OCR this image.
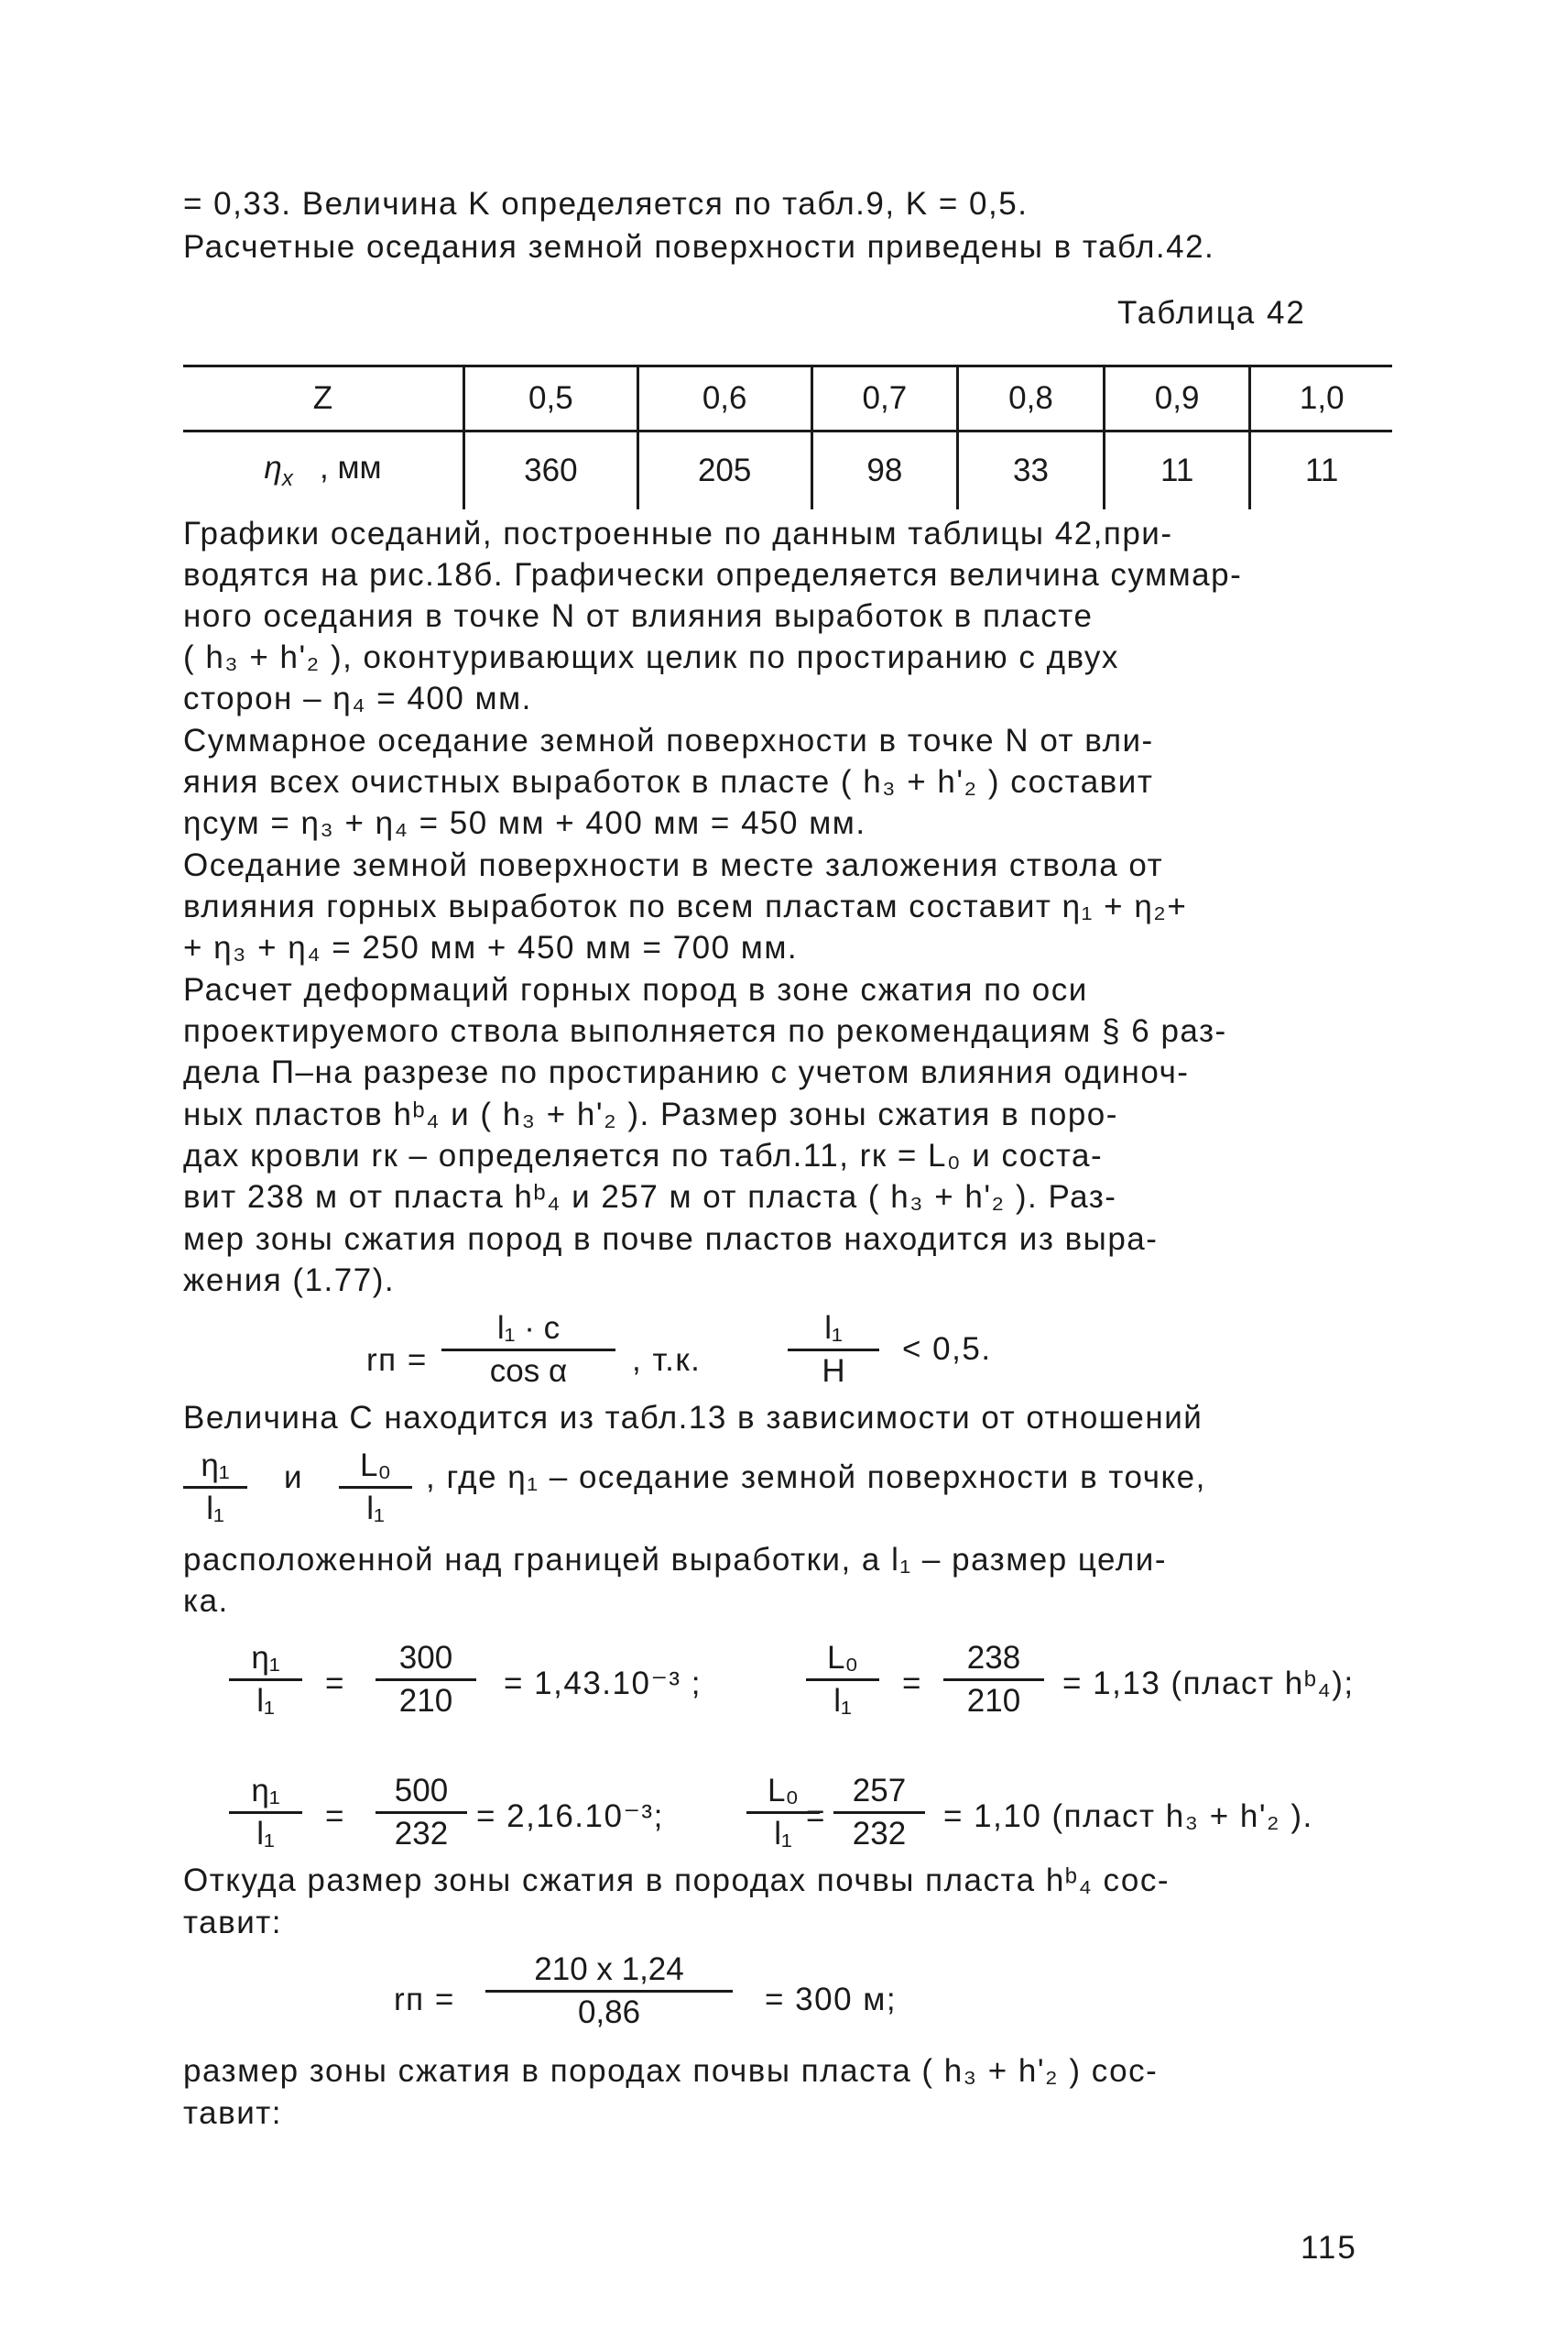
= 0,33. Величина K определяется по табл.9, K = 0,5.
Расчетные оседания земной поверхности приведены в табл.42.
Таблица 42
Z	0,5	0,6	0,7	0,8	0,9	1,0
$\eta_x$ , мм	360	205	98	33	11	11
Графики оседаний, построенные по данным таблицы 42,при-
водятся на рис.18б. Графически определяется величина суммар-
ного оседания в точке N от влияния выработок в пласте
( h₃ + h'₂ ), оконтуривающих целик по простиранию с двух
сторон – η₄ = 400 мм.
Суммарное оседание земной поверхности в точке N от вли-
яния всех очистных выработок в пласте ( h₃ + h'₂ ) составит
ηсум = η₃ + η₄ = 50 мм + 400 мм = 450 мм.
Оседание земной поверхности в месте заложения ствола от
влияния горных выработок по всем пластам составит η₁ + η₂+
+ η₃ + η₄ = 250 мм + 450 мм = 700 мм.
Расчет деформаций горных пород в зоне сжатия по оси
проектируемого ствола выполняется по рекомендациям § 6 раз-
дела П–на разрезе по простиранию с учетом влияния одиноч-
ных пластов hᵇ₄ и ( h₃ + h'₂ ). Размер зоны сжатия в поро-
дах кровли rк – определяется по табл.11, rк = L₀ и соста-
вит 238 м от пласта hᵇ₄ и 257 м от пласта ( h₃ + h'₂ ). Раз-
мер зоны сжатия пород в почве пластов находится из выра-
жения (1.77).
rп =
l₁ · c
cos α	, т.к.
l₁
H
< 0,5.
Величина С находится из табл.13 в зависимости от отношений
η₁
l₁
и	L₀
l₁
, где η₁ – оседание земной поверхности в точке,
расположенной над границей выработки, а l₁ – размер цели-
ка.
η₁
l₁	=
300
210	= 1,43.10⁻³ ;
L₀
l₁	=
238
210	= 1,13 (пласт hᵇ₄);
η₁
l₁	=
500
232 = 2,16.10⁻³;
L₀
l₁ =
257
232	= 1,10 (пласт h₃ + h'₂ ).
Откуда размер зоны сжатия в породах почвы пласта hᵇ₄ сос-
тавит:
rп =
210 x 1,24
0,86	= 300 м;
размер зоны сжатия в породах почвы пласта ( h₃ + h'₂ ) сос-
тавит:
115
